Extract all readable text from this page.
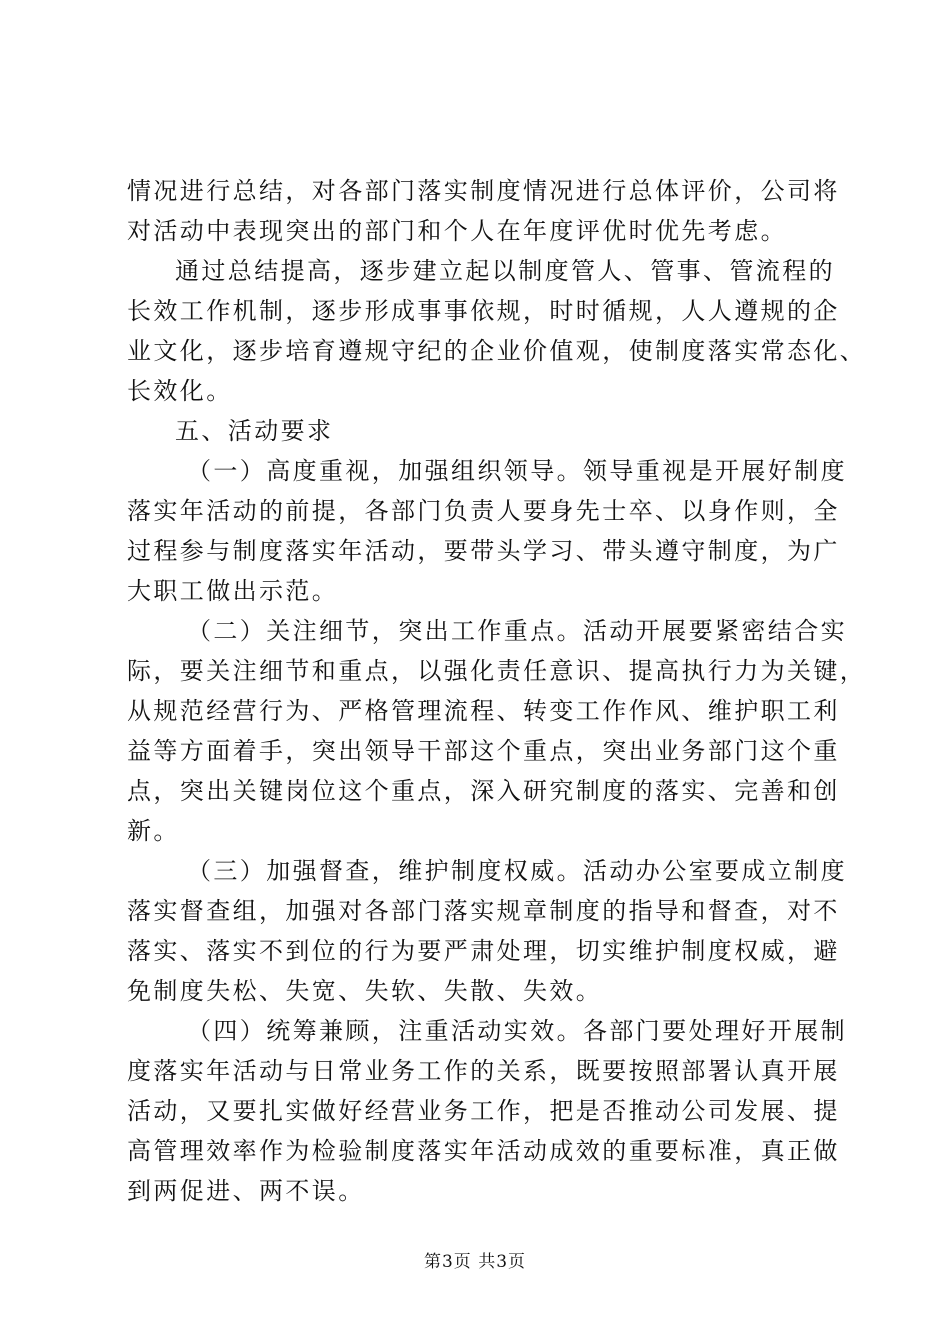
情况进行总结，对各部门落实制度情况进行总体评价，公司将
对活动中表现突出的部门和个人在年度评优时优先考虑。
通过总结提高，逐步建立起以制度管人、管事、管流程的
长效工作机制，逐步形成事事依规，时时循规，人人遵规的企
业文化，逐步培育遵规守纪的企业价值观，使制度落实常态化、
长效化。
五、活动要求
（一）高度重视，加强组织领导。领导重视是开展好制度
落实年活动的前提，各部门负责人要身先士卒、以身作则，全
过程参与制度落实年活动，要带头学习、带头遵守制度，为广
大职工做出示范。
（二）关注细节，突出工作重点。活动开展要紧密结合实
际，要关注细节和重点，以强化责任意识、提高执行力为关键，
从规范经营行为、严格管理流程、转变工作作风、维护职工利
益等方面着手，突出领导干部这个重点，突出业务部门这个重
点，突出关键岗位这个重点，深入研究制度的落实、完善和创
新。
（三）加强督查，维护制度权威。活动办公室要成立制度
落实督查组，加强对各部门落实规章制度的指导和督查，对不
落实、落实不到位的行为要严肃处理，切实维护制度权威，避
免制度失松、失宽、失软、失散、失效。
（四）统筹兼顾，注重活动实效。各部门要处理好开展制
度落实年活动与日常业务工作的关系，既要按照部署认真开展
活动，又要扎实做好经营业务工作，把是否推动公司发展、提
高管理效率作为检验制度落实年活动成效的重要标准，真正做
到两促进、两不误。
第3页 共3页
